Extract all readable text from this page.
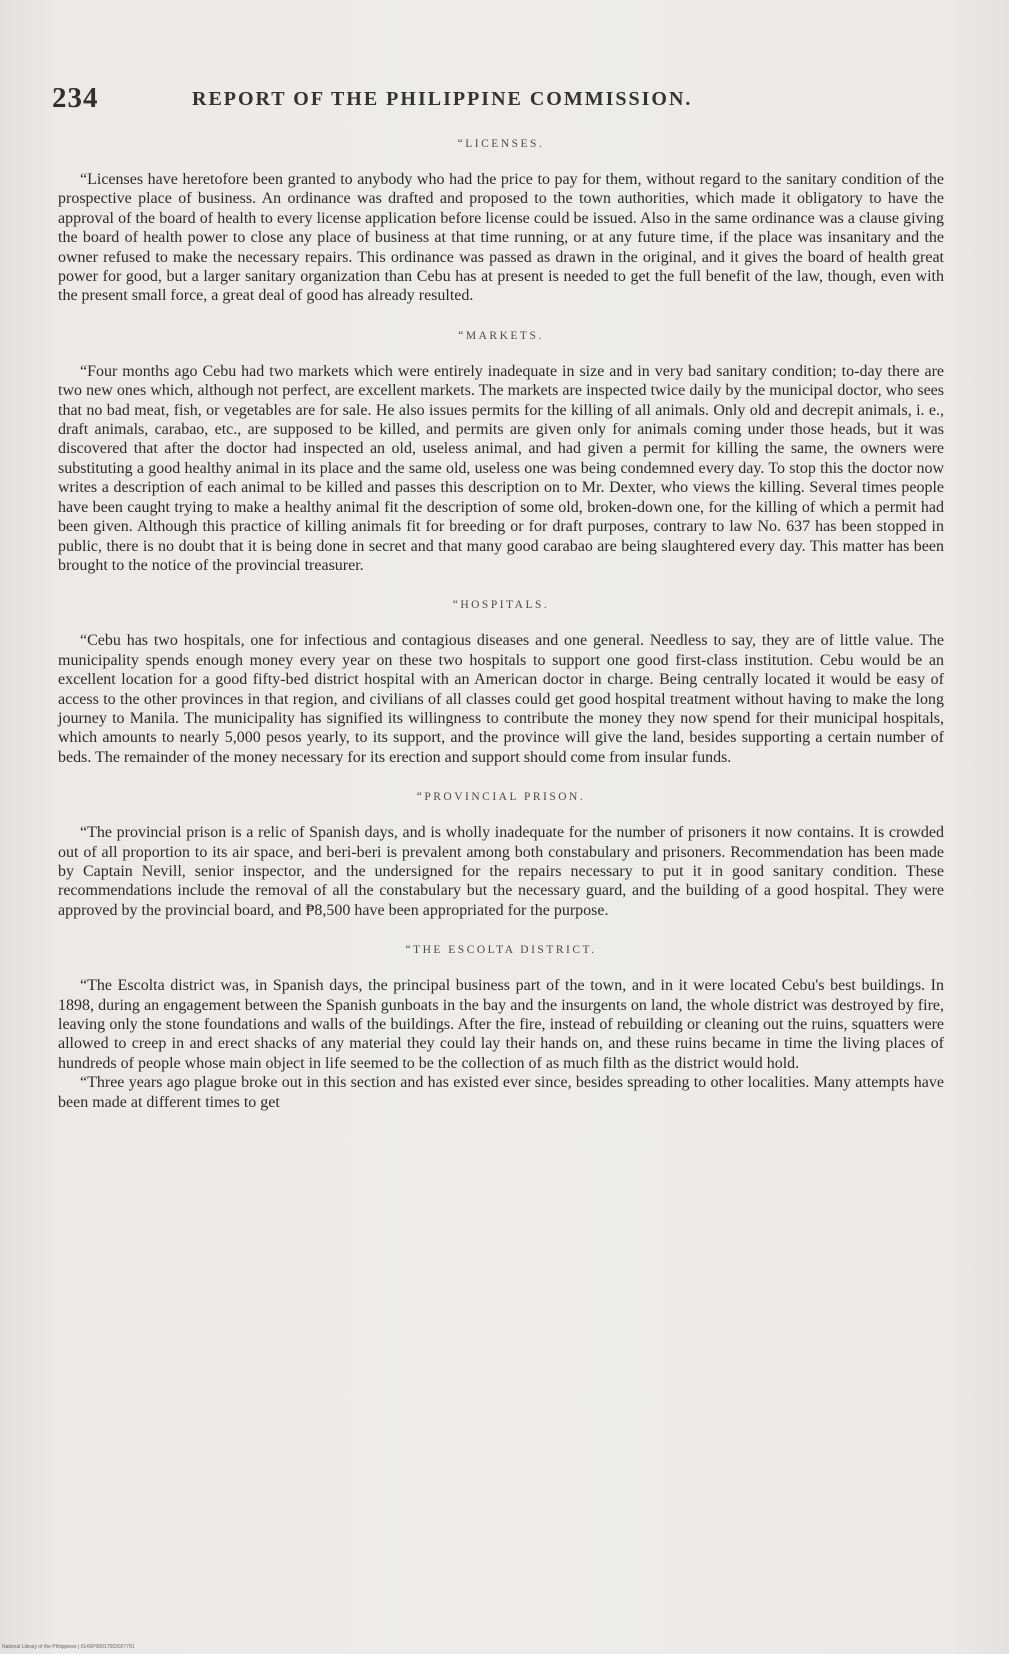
234	REPORT OF THE PHILIPPINE COMMISSION.
“LICENSES.

“Licenses have heretofore been granted to anybody who had the price to pay for them, without regard to the sanitary condition of the prospective place of business. An ordinance was drafted and proposed to the town authorities, which made it obligatory to have the approval of the board of health to every license application before license could be issued. Also in the same ordinance was a clause giving the board of health power to close any place of business at that time running, or at any future time, if the place was insanitary and the owner refused to make the necessary repairs. This ordinance was passed as drawn in the original, and it gives the board of health great power for good, but a larger sanitary organization than Cebu has at present is needed to get the full benefit of the law, though, even with the present small force, a great deal of good has already resulted.

“MARKETS.

“Four months ago Cebu had two markets which were entirely inadequate in size and in very bad sanitary condition; to-day there are two new ones which, although not perfect, are excellent markets. The markets are inspected twice daily by the municipal doctor, who sees that no bad meat, fish, or vegetables are for sale. He also issues permits for the killing of all animals. Only old and decrepit animals, i. e., draft animals, carabao, etc., are supposed to be killed, and permits are given only for animals coming under those heads, but it was discovered that after the doctor had inspected an old, useless animal, and had given a permit for killing the same, the owners were substituting a good healthy animal in its place and the same old, useless one was being condemned every day. To stop this the doctor now writes a description of each animal to be killed and passes this description on to Mr. Dexter, who views the killing. Several times people have been caught trying to make a healthy animal fit the description of some old, broken-down one, for the killing of which a permit had been given. Although this practice of killing animals fit for breeding or for draft purposes, contrary to law No. 637 has been stopped in public, there is no doubt that it is being done in secret and that many good carabao are being slaughtered every day. This matter has been brought to the notice of the provincial treasurer.

“HOSPITALS.

“Cebu has two hospitals, one for infectious and contagious diseases and one general. Needless to say, they are of little value. The municipality spends enough money every year on these two hospitals to support one good first-class institution. Cebu would be an excellent location for a good fifty-bed district hospital with an American doctor in charge. Being centrally located it would be easy of access to the other provinces in that region, and civilians of all classes could get good hospital treatment without having to make the long journey to Manila. The municipality has signified its willingness to contribute the money they now spend for their municipal hospitals, which amounts to nearly 5,000 pesos yearly, to its support, and the province will give the land, besides supporting a certain number of beds. The remainder of the money necessary for its erection and support should come from insular funds.

“PROVINCIAL PRISON.

“The provincial prison is a relic of Spanish days, and is wholly inadequate for the number of prisoners it now contains. It is crowded out of all proportion to its air space, and beri-beri is prevalent among both constabulary and prisoners. Recommendation has been made by Captain Nevill, senior inspector, and the undersigned for the repairs necessary to put it in good sanitary condition. These recommendations include the removal of all the constabulary but the necessary guard, and the building of a good hospital. They were approved by the provincial board, and ₱8,500 have been appropriated for the purpose.

“THE ESCOLTA DISTRICT.

“The Escolta district was, in Spanish days, the principal business part of the town, and in it were located Cebu's best buildings. In 1898, during an engagement between the Spanish gunboats in the bay and the insurgents on land, the whole district was destroyed by fire, leaving only the stone foundations and walls of the buildings. After the fire, instead of rebuilding or cleaning out the ruins, squatters were allowed to creep in and erect shacks of any material they could lay their hands on, and these ruins became in time the living places of hundreds of people whose main object in life seemed to be the collection of as much filth as the district would hold.

“Three years ago plague broke out in this section and has existed ever since, besides spreading to other localities. Many attempts have been made at different times to get

National Library of the Philippines | 014SP00017003027791
